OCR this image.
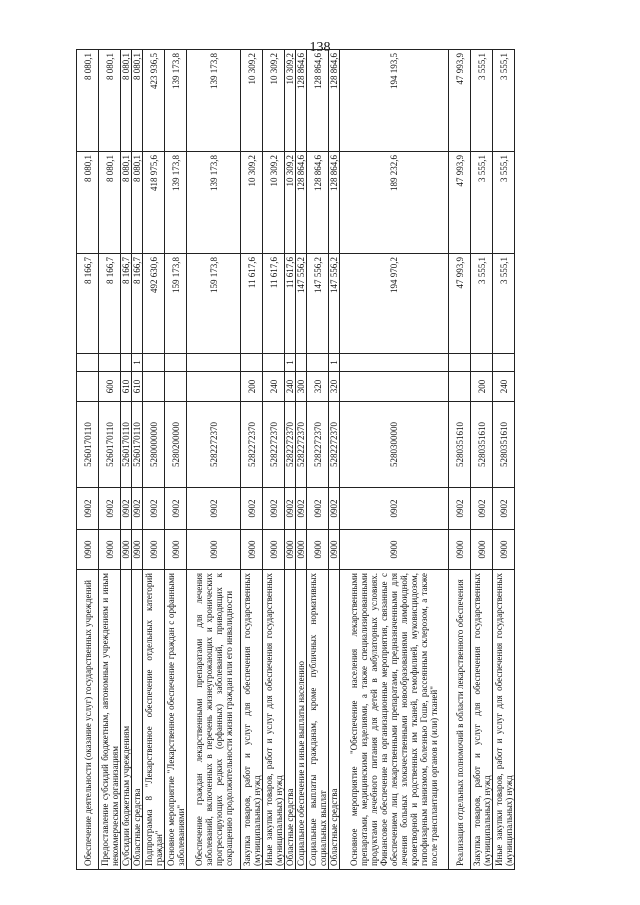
138
Обеспечение деятельности (оказание услуг) государственных учреждений	0900	0902	5260170110			8 166,7	8 080,1	8 080,1
Предоставление субсидий бюджетным, автономным учреждениям и иным некоммерческим организациям	0900	0902	5260170110	600		8 166,7	8 080,1	8 080,1
Субсидии бюджетным учреждениям	0900	0902	5260170110	610		8 166,7	8 080,1	8 080,1
Областные средства	0900	0902	5260170110	610	1	8 166,7	8 080,1	8 080,1
Подпрограмма 8 "Лекарственное обеспечение отдельных категорий граждан"	0900	0902	5280000000			492 630,6	418 975,6	423 936,5
Основное мероприятие "Лекарственное обеспечение граждан с орфанными заболеваниями"	0900	0902	5280200000			159 173,8	139 173,8	139 173,8
Обеспечение граждан лекарственными препаратами для лечения заболеваний, включенных в перечень жизнеугрожающих и хронических прогрессирующих редких (орфанных) заболеваний, приводящих к сокращению продолжительности жизни граждан или его инвалидности	0900	0902	5282272370			159 173,8	139 173,8	139 173,8
Закупка товаров, работ и услуг для обеспечения государственных (муниципальных) нужд	0900	0902	5282272370	200		11 617,6	10 309,2	10 309,2
Иные закупки товаров, работ и услуг для обеспечения государственных (муниципальных) нужд	0900	0902	5282272370	240		11 617,6	10 309,2	10 309,2
Областные средства	0900	0902	5282272370	240	1	11 617,6	10 309,2	10 309,2
Социальное обеспечение и иные выплаты населению	0900	0902	5282272370	300		147 556,2	128 864,6	128 864,6
Социальные выплаты гражданам, кроме публичных нормативных социальных выплат	0900	0902	5282272370	320		147 556,2	128 864,6	128 864,6
Областные средства	0900	0902	5282272370	320	1	147 556,2	128 864,6	128 864,6
Основное мероприятие "Обеспечение населения лекарственными препаратами, медицинскими изделиями, а также специализированными продуктами лечебного питания для детей в амбулаторных условиях. Финансовое обеспечение на организационные мероприятия, связанные с обеспечением лиц лекарственными препаратами, предназначенными для лечения больных злокачественными новообразованиями лимфоидной, кроветворной и родственных им тканей, гемофилией, муковисцидозом, гипофизарным нанизмом, болезнью Гоше, рассеянным склерозом, а также после трансплантации органов и (или) тканей"	0900	0902	5280300000			194 970,2	189 232,6	194 193,5
Реализация отдельных полномочий в области лекарственного обеспечения	0900	0902	5280351610			47 993,9	47 993,9	47 993,9
Закупка товаров, работ и услуг для обеспечения государственных (муниципальных) нужд	0900	0902	5280351610	200		3 555,1	3 555,1	3 555,1
Иные закупки товаров, работ и услуг для обеспечения государственных (муниципальных) нужд	0900	0902	5280351610	240		3 555,1	3 555,1	3 555,1
